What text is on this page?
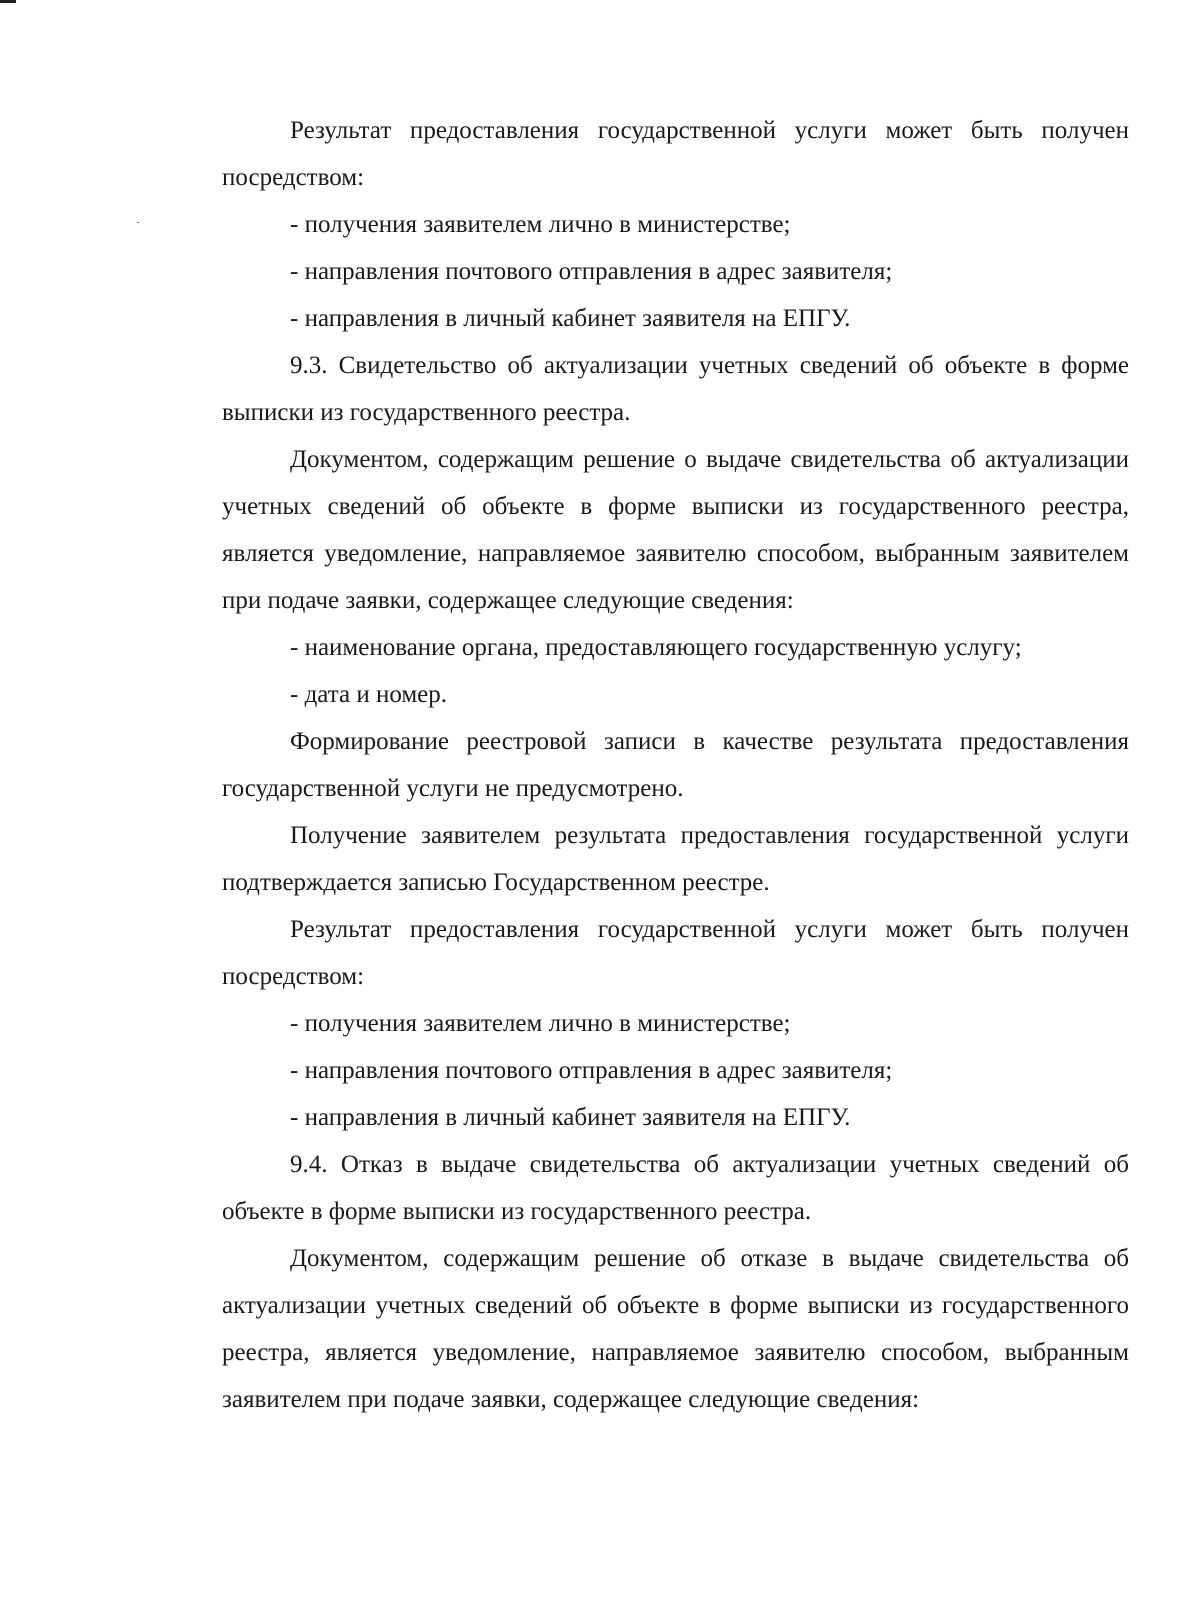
Результат предоставления государственной услуги может быть получен посредством:

- получения заявителем лично в министерстве;

- направления почтового отправления в адрес заявителя;

- направления в личный кабинет заявителя на ЕПГУ.

9.3. Свидетельство об актуализации учетных сведений об объекте в форме выписки из государственного реестра.

Документом, содержащим решение о выдаче свидетельства об актуализации учетных сведений об объекте в форме выписки из государственного реестра, является уведомление, направляемое заявителю способом, выбранным заявителем при подаче заявки, содержащее следующие сведения:

- наименование органа, предоставляющего государственную услугу;

- дата и номер.

Формирование реестровой записи в качестве результата предоставления государственной услуги не предусмотрено.

Получение заявителем результата предоставления государственной услуги подтверждается записью Государственном реестре.

Результат предоставления государственной услуги может быть получен посредством:

- получения заявителем лично в министерстве;

- направления почтового отправления в адрес заявителя;

- направления в личный кабинет заявителя на ЕПГУ.

9.4. Отказ в выдаче свидетельства об актуализации учетных сведений об объекте в форме выписки из государственного реестра.

Документом, содержащим решение об отказе в выдаче свидетельства об актуализации учетных сведений об объекте в форме выписки из государственного реестра, является уведомление, направляемое заявителю способом, выбранным заявителем при подаче заявки, содержащее следующие сведения:
